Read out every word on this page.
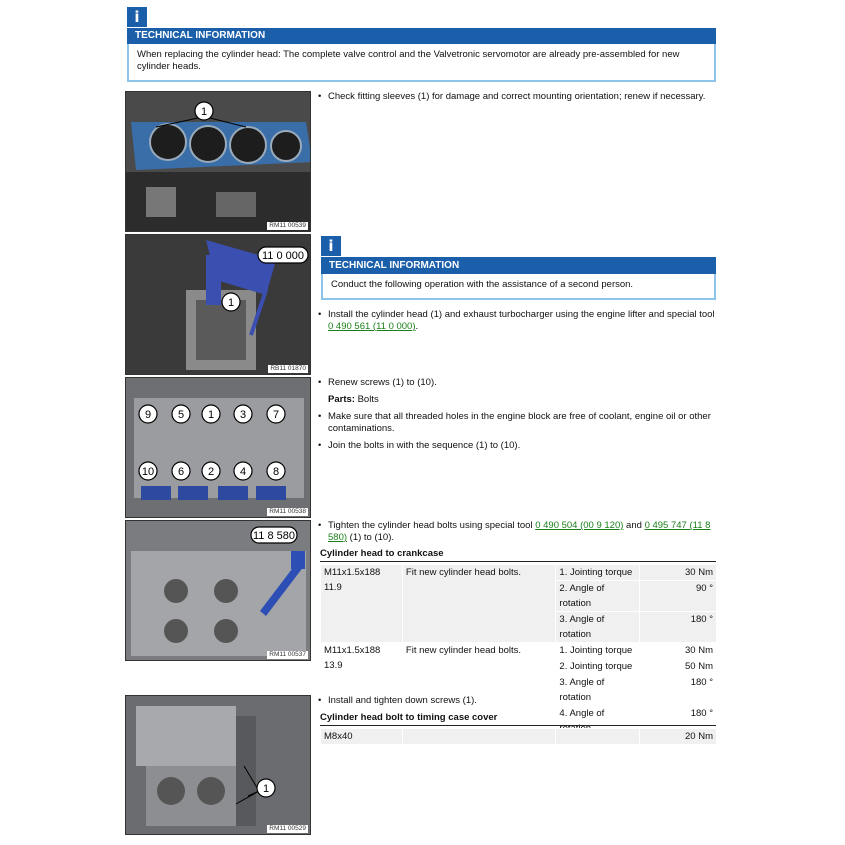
i
TECHNICAL INFORMATION
When replacing the cylinder head: The complete valve control and the Valvetronic servomotor are already pre-assembled for new cylinder heads.
1
RM11 00539
• Check fitting sleeves (1) for damage and correct mounting orientation; renew if necessary.
1
11 0 000
RB11 01870
i
TECHNICAL INFORMATION
Conduct the following operation with the assistance of a second person.
• Install the cylinder head (1) and exhaust turbocharger using the engine lifter and special tool 0 490 561 (11 0 000).
9 5 1 3 7
10 6 2 4 8
RM11 00538
• Renew screws (1) to (10).
Parts: Bolts
• Make sure that all threaded holes in the engine block are free of coolant, engine oil or other contaminations.
• Join the bolts in with the sequence (1) to (10).
11 8 580
RM11 00537
• Tighten the cylinder head bolts using special tool 0 490 504 (00 9 120) and 0 495 747 (11 8 580) (1) to (10).
Cylinder head to crankcase
M11x1.5x188 11.9	Fit new cylinder head bolts.	1. Jointing torque	30 Nm
		2. Angle of rotation	90 °
		3. Angle of rotation	180 °
M11x1.5x188 13.9	Fit new cylinder head bolts.	1. Jointing torque	30 Nm
		2. Jointing torque	50 Nm
		3. Angle of rotation	180 °
		4. Angle of	180 °
1
RM11 00529
• Install and tighten down screws (1).
Cylinder head bolt to timing case cover
M8x40			20 Nm
